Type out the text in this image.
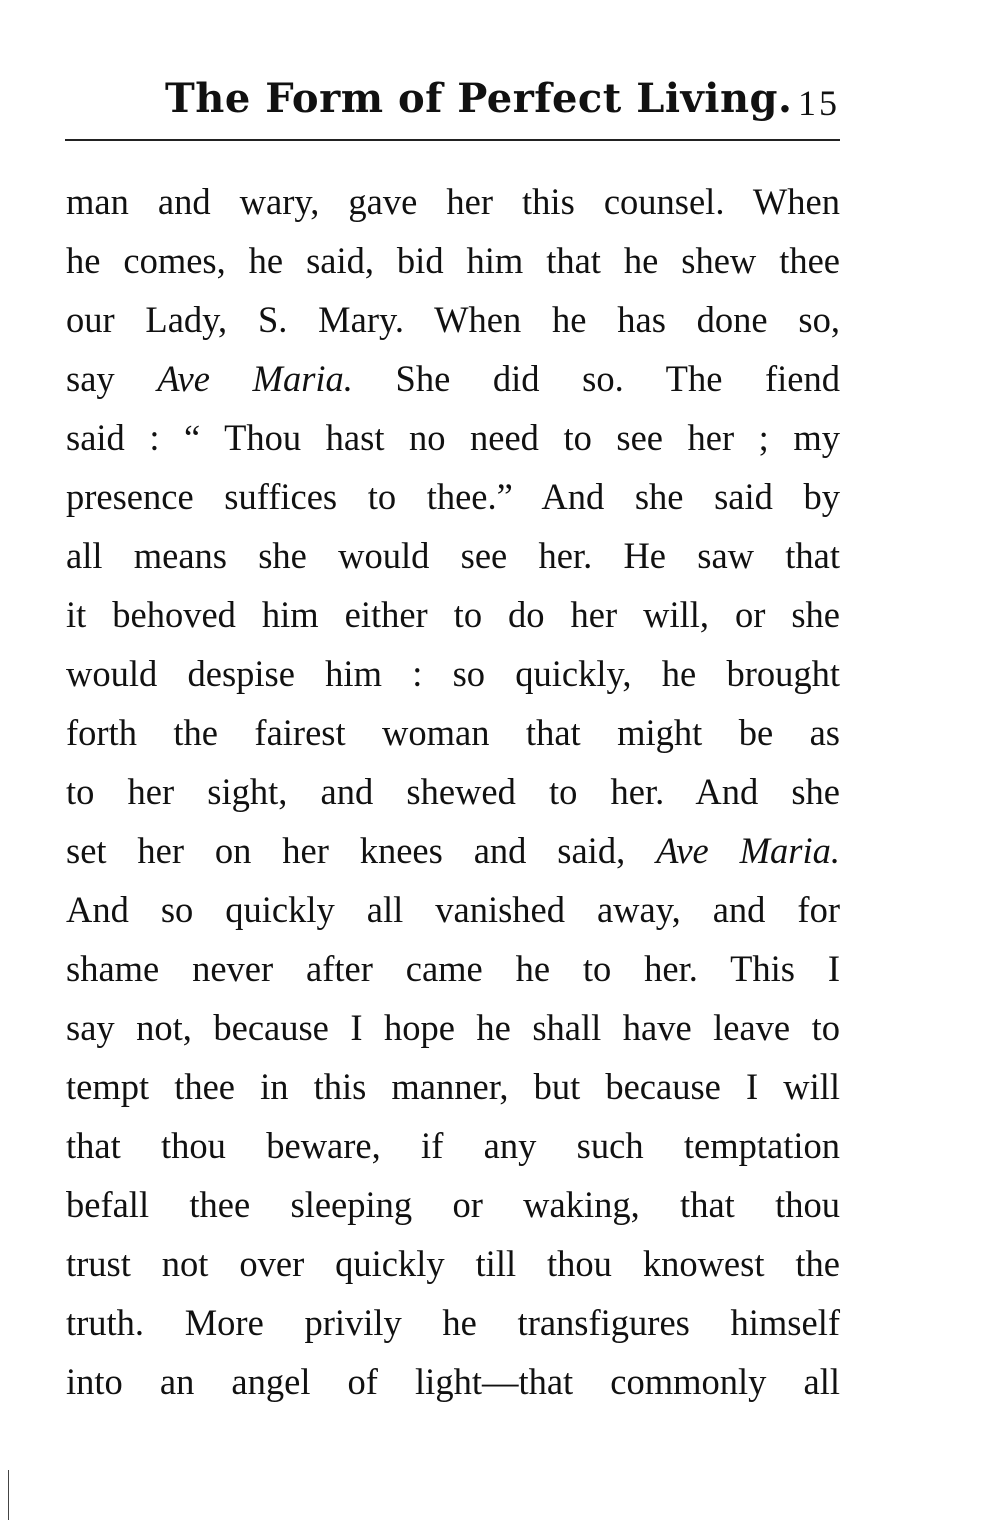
The Form of Perfect Living. 15
man and wary, gave her this counsel. When
he comes, he said, bid him that he shew thee
our Lady, S. Mary. When he has done so,
say Ave Maria. She did so. The fiend
said : “ Thou hast no need to see her ; my
presence suffices to thee.” And she said by
all means she would see her. He saw that
it behoved him either to do her will, or she
would despise him : so quickly, he brought
forth the fairest woman that might be as
to her sight, and shewed to her. And she
set her on her knees and said, Ave Maria.
And so quickly all vanished away, and for
shame never after came he to her. This I
say not, because I hope he shall have leave to
tempt thee in this manner, but because I will
that thou beware, if any such temptation
befall thee sleeping or waking, that thou
trust not over quickly till thou knowest the
truth. More privily he transfigures himself
into an angel of light—that commonly all
